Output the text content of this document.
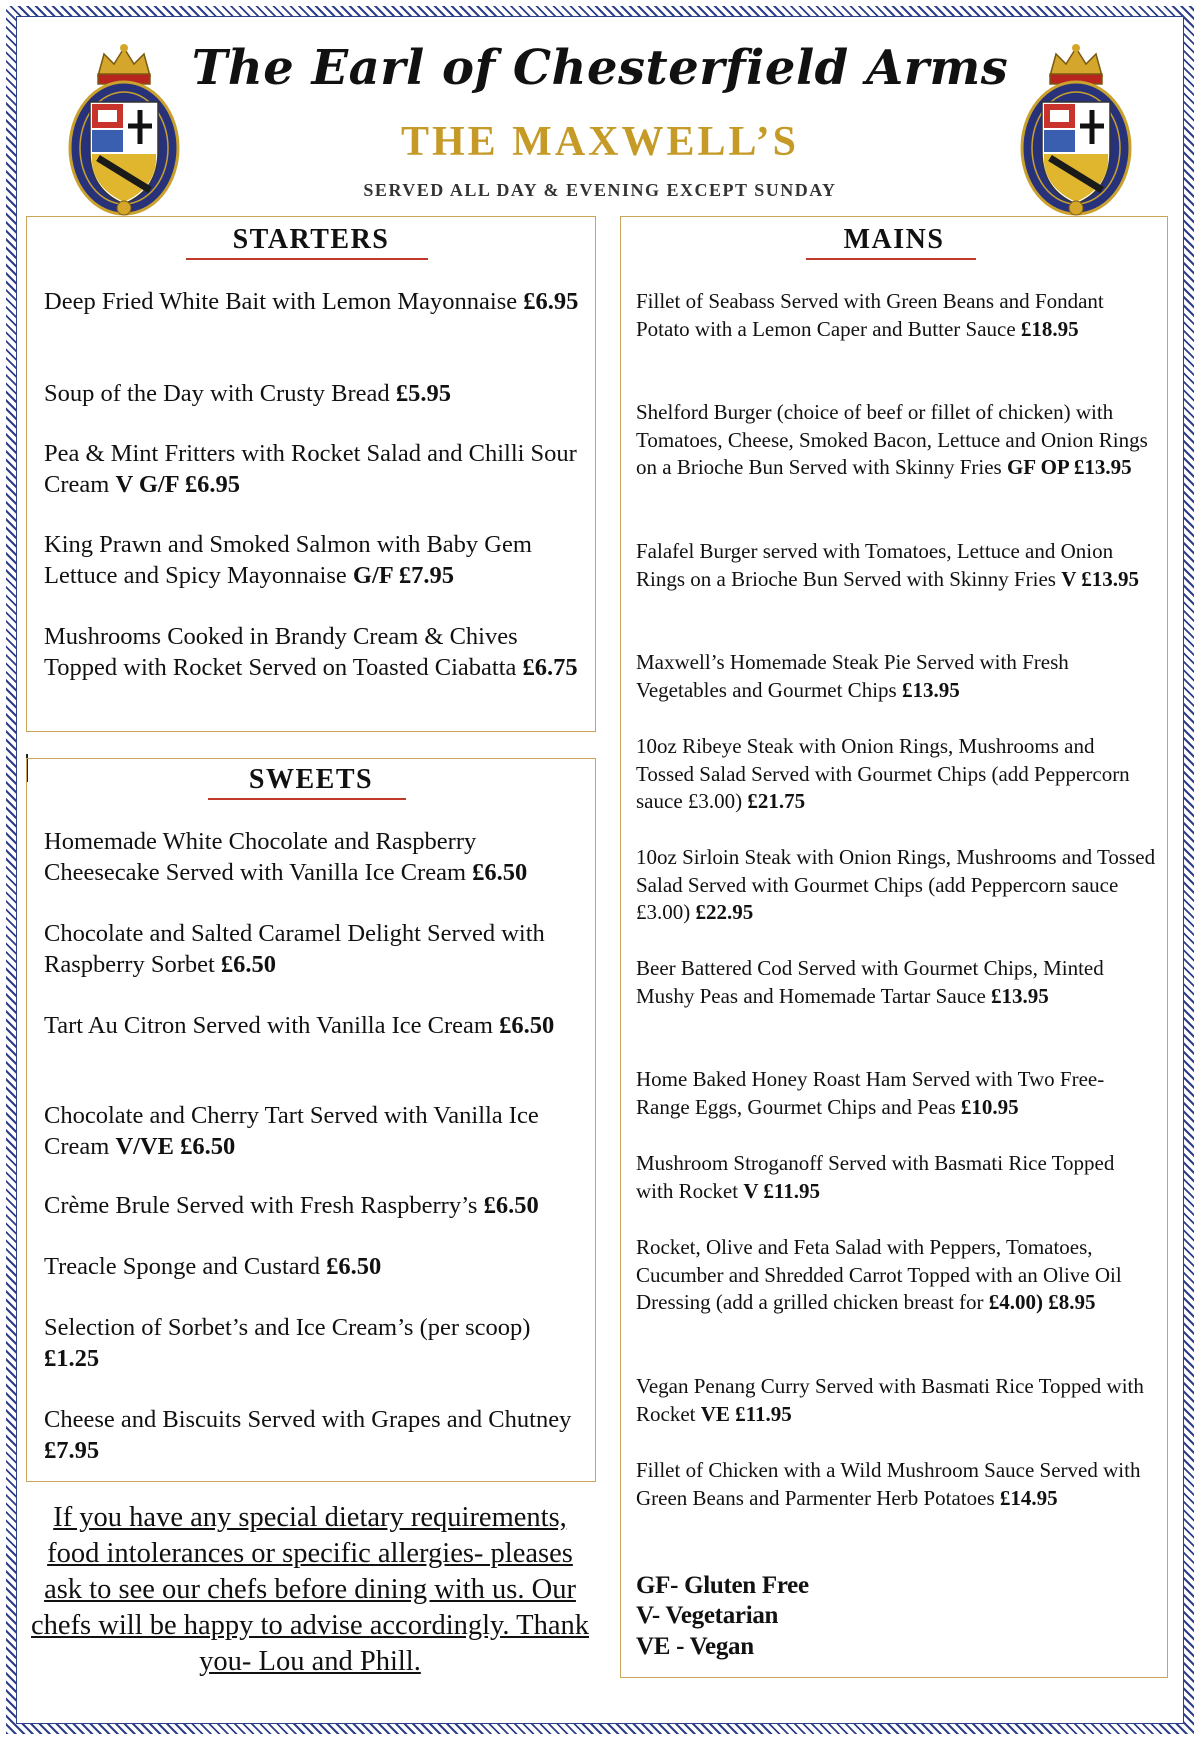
The Earl of Chesterfield Arms
THE MAXWELL’S
SERVED ALL DAY & EVENING EXCEPT SUNDAY
STARTERS
Deep Fried White Bait with Lemon Mayonnaise £6.95
Soup of the Day with Crusty Bread £5.95
Pea & Mint Fritters with Rocket Salad and Chilli Sour Cream V G/F £6.95
King Prawn and Smoked Salmon with Baby Gem Lettuce and Spicy Mayonnaise G/F £7.95
Mushrooms Cooked in Brandy Cream & Chives Topped with Rocket Served on Toasted Ciabatta £6.75
SWEETS
Homemade White Chocolate and Raspberry Cheesecake Served with Vanilla Ice Cream £6.50
Chocolate and Salted Caramel Delight Served with Raspberry Sorbet £6.50
Tart Au Citron Served with Vanilla Ice Cream £6.50
Chocolate and Cherry Tart Served with Vanilla Ice Cream V/VE £6.50
Crème Brule Served with Fresh Raspberry’s £6.50
Treacle Sponge and Custard £6.50
Selection of Sorbet’s and Ice Cream’s (per scoop) £1.25
Cheese and Biscuits Served with Grapes and Chutney £7.95
If you have any special dietary requirements, food intolerances or specific allergies- pleases ask to see our chefs before dining with us. Our chefs will be happy to advise accordingly. Thank you- Lou and Phill.
MAINS
Fillet of Seabass Served with Green Beans and Fondant Potato with a Lemon Caper and Butter Sauce £18.95
Shelford Burger (choice of beef or fillet of chicken) with Tomatoes, Cheese, Smoked Bacon, Lettuce and Onion Rings on a Brioche Bun Served with Skinny Fries GF OP £13.95
Falafel Burger served with Tomatoes, Lettuce and Onion Rings on a Brioche Bun Served with Skinny Fries V £13.95
Maxwell’s Homemade Steak Pie Served with Fresh Vegetables and Gourmet Chips £13.95
10oz Ribeye Steak with Onion Rings, Mushrooms and Tossed Salad Served with Gourmet Chips (add Peppercorn sauce £3.00) £21.75
10oz Sirloin Steak with Onion Rings, Mushrooms and Tossed Salad Served with Gourmet Chips (add Peppercorn sauce £3.00) £22.95
Beer Battered Cod Served with Gourmet Chips, Minted Mushy Peas and Homemade Tartar Sauce £13.95
Home Baked Honey Roast Ham Served with Two Free-Range Eggs, Gourmet Chips and Peas £10.95
Mushroom Stroganoff Served with Basmati Rice Topped with Rocket V £11.95
Rocket, Olive and Feta Salad with Peppers, Tomatoes, Cucumber and Shredded Carrot Topped with an Olive Oil Dressing (add a grilled chicken breast for £4.00) £8.95
Vegan Penang Curry Served with Basmati Rice Topped with Rocket VE £11.95
Fillet of Chicken with a Wild Mushroom Sauce Served with Green Beans and Parmenter Herb Potatoes £14.95
GF- Gluten Free
V- Vegetarian
VE - Vegan
